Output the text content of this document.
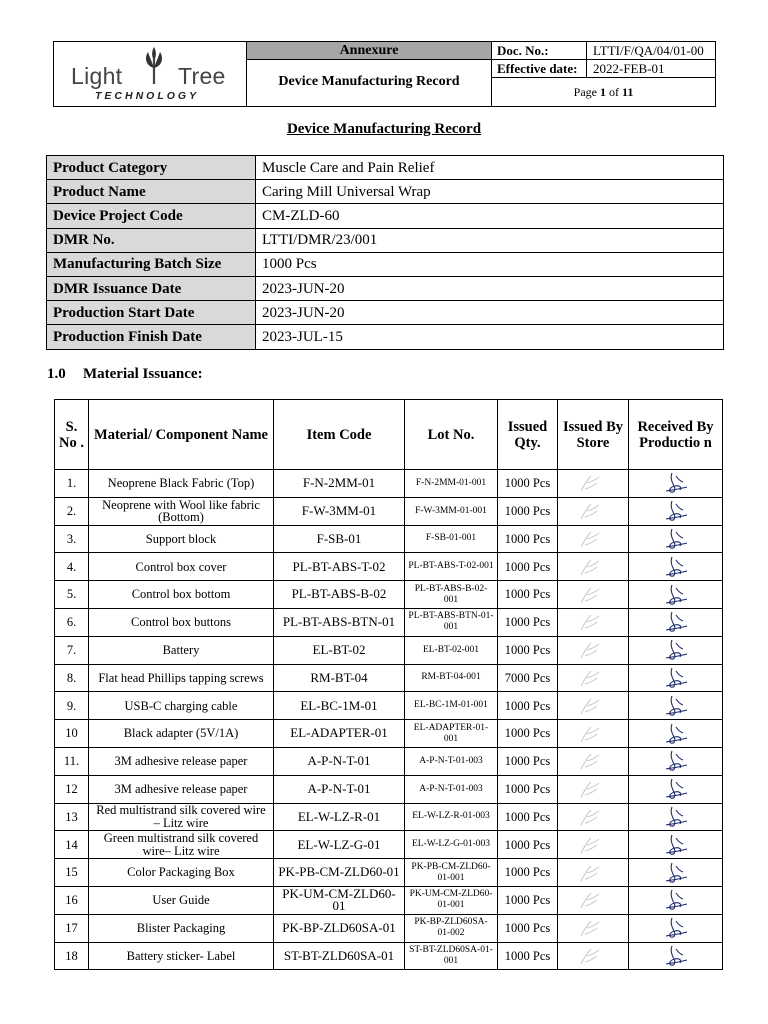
Light Tree
TECHNOLOGY
Annexure
Device Manufacturing Record
Doc. No.:	LTTI/F/QA/04/01-00
Effective date:	2022-FEB-01
Page 1 of 11
Device Manufacturing Record
Product Category	Muscle Care and Pain Relief
Product Name	Caring Mill Universal Wrap
Device Project Code	CM-ZLD-60
DMR No.	LTTI/DMR/23/001
Manufacturing Batch Size	1000 Pcs
DMR Issuance Date	2023-JUN-20
Production Start Date	2023-JUN-20
Production Finish Date	2023-JUL-15
1.0 Material Issuance:
S. No .	Material/ Component Name	Item Code	Lot No.	Issued Qty.	Issued By Store	Received By Productio n
1.	Neoprene Black Fabric (Top)	F-N-2MM-01	F-N-2MM-01-001	1000 Pcs	

2.	Neoprene with Wool like fabric (Bottom)	F-W-3MM-01	F-W-3MM-01-001	1000 Pcs	

3.	Support block	F-SB-01	F-SB-01-001	1000 Pcs	

4.	Control box cover	PL-BT-ABS-T-02	PL-BT-ABS-T-02-001	1000 Pcs	

5.	Control box bottom	PL-BT-ABS-B-02	PL-BT-ABS-B-02-001	1000 Pcs	

6.	Control box buttons	PL-BT-ABS-BTN-01	PL-BT-ABS-BTN-01-001	1000 Pcs	

7.	Battery	EL-BT-02	EL-BT-02-001	1000 Pcs	

8.	Flat head Phillips tapping screws	RM-BT-04	RM-BT-04-001	7000 Pcs	

9.	USB-C charging cable	EL-BC-1M-01	EL-BC-1M-01-001	1000 Pcs	

10	Black adapter (5V/1A)	EL-ADAPTER-01	EL-ADAPTER-01-001	1000 Pcs	

11.	3M adhesive release paper	A-P-N-T-01	A-P-N-T-01-003	1000 Pcs	

12	3M adhesive release paper	A-P-N-T-01	A-P-N-T-01-003	1000 Pcs	

13	Red multistrand silk covered wire – Litz wire	EL-W-LZ-R-01	EL-W-LZ-R-01-003	1000 Pcs	

14	Green multistrand silk covered wire– Litz wire	EL-W-LZ-G-01	EL-W-LZ-G-01-003	1000 Pcs	

15	Color Packaging Box	PK-PB-CM-ZLD60-01	PK-PB-CM-ZLD60-01-001	1000 Pcs	

16	User Guide	PK-UM-CM-ZLD60-01	PK-UM-CM-ZLD60-01-001	1000 Pcs	

17	Blister Packaging	PK-BP-ZLD60SA-01	PK-BP-ZLD60SA-01-002	1000 Pcs	

18	Battery sticker- Label	ST-BT-ZLD60SA-01	ST-BT-ZLD60SA-01-001	1000 Pcs	
